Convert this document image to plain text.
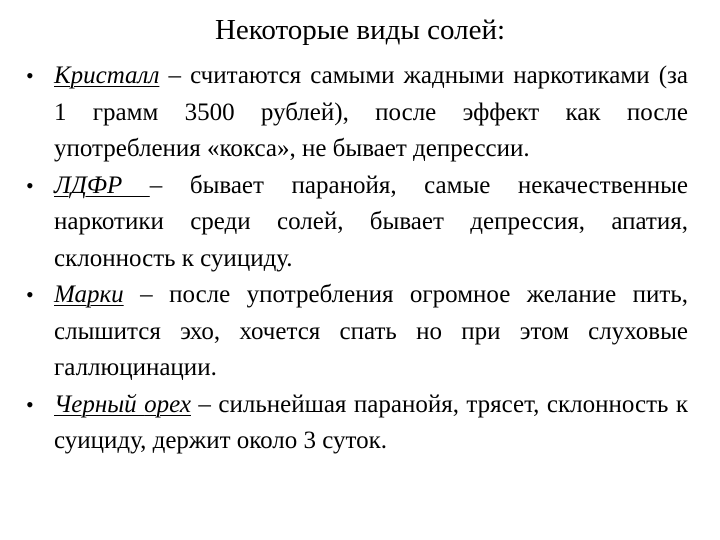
Некоторые виды солей:
• Кристалл – считаются самыми жадными наркотиками (за 1 грамм 3500 рублей), после эффект как после употребления «кокса», не бывает депрессии.
• ЛДФР – бывает паранойя, самые некачественные наркотики среди солей, бывает депрессия, апатия, склонность к суициду.
• Марки – после употребления огромное желание пить, слышится эхо, хочется спать но при этом слуховые галлюцинации.
• Черный орех – сильнейшая паранойя, трясет, склонность к суициду, держит около 3 суток.
